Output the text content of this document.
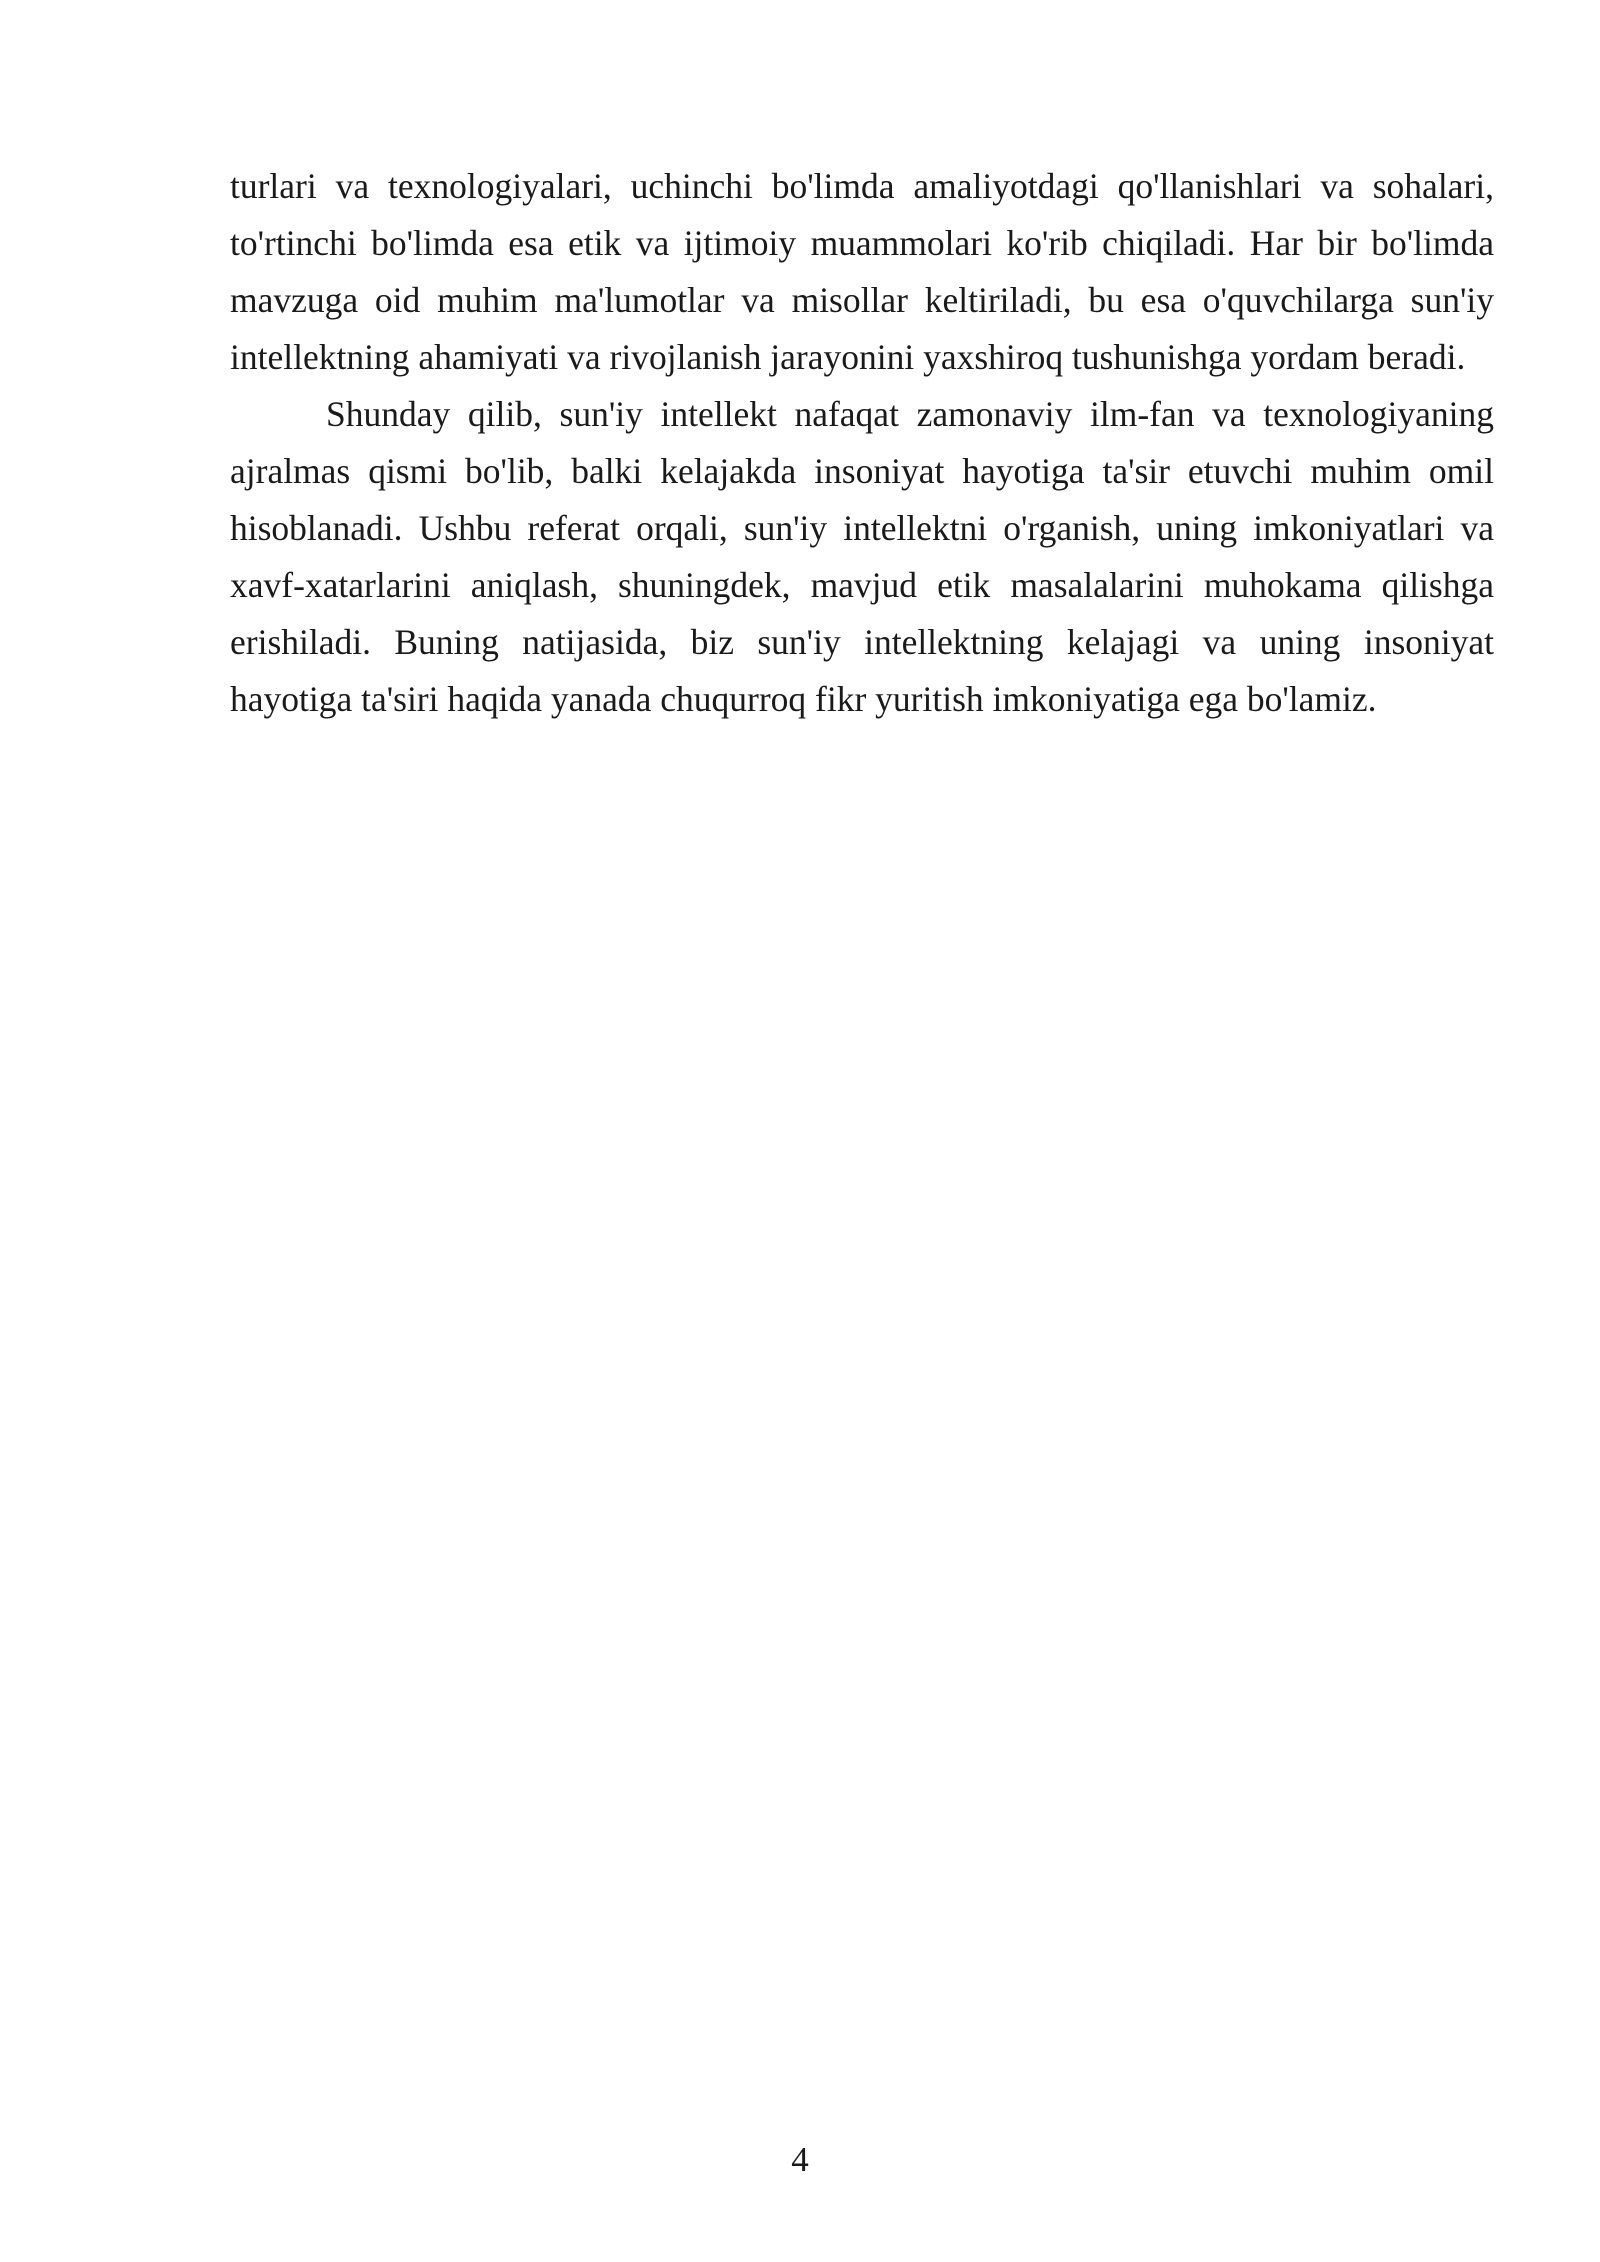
turlari va texnologiyalari, uchinchi bo'limda amaliyotdagi qo'llanishlari va sohalari, to'rtinchi bo'limda esa etik va ijtimoiy muammolari ko'rib chiqiladi. Har bir bo'limda mavzuga oid muhim ma'lumotlar va misollar keltiriladi, bu esa o'quvchilarga sun'iy intellektning ahamiyati va rivojlanish jarayonini yaxshiroq tushunishga yordam beradi.

Shunday qilib, sun'iy intellekt nafaqat zamonaviy ilm-fan va texnologiyaning ajralmas qismi bo'lib, balki kelajakda insoniyat hayotiga ta'sir etuvchi muhim omil hisoblanadi. Ushbu referat orqali, sun'iy intellektni o'rganish, uning imkoniyatlari va xavf-xatarlarini aniqlash, shuningdek, mavjud etik masalalarini muhokama qilishga erishiladi. Buning natijasida, biz sun'iy intellektning kelajagi va uning insoniyat hayotiga ta'siri haqida yanada chuqurroq fikr yuritish imkoniyatiga ega bo'lamiz.

4
